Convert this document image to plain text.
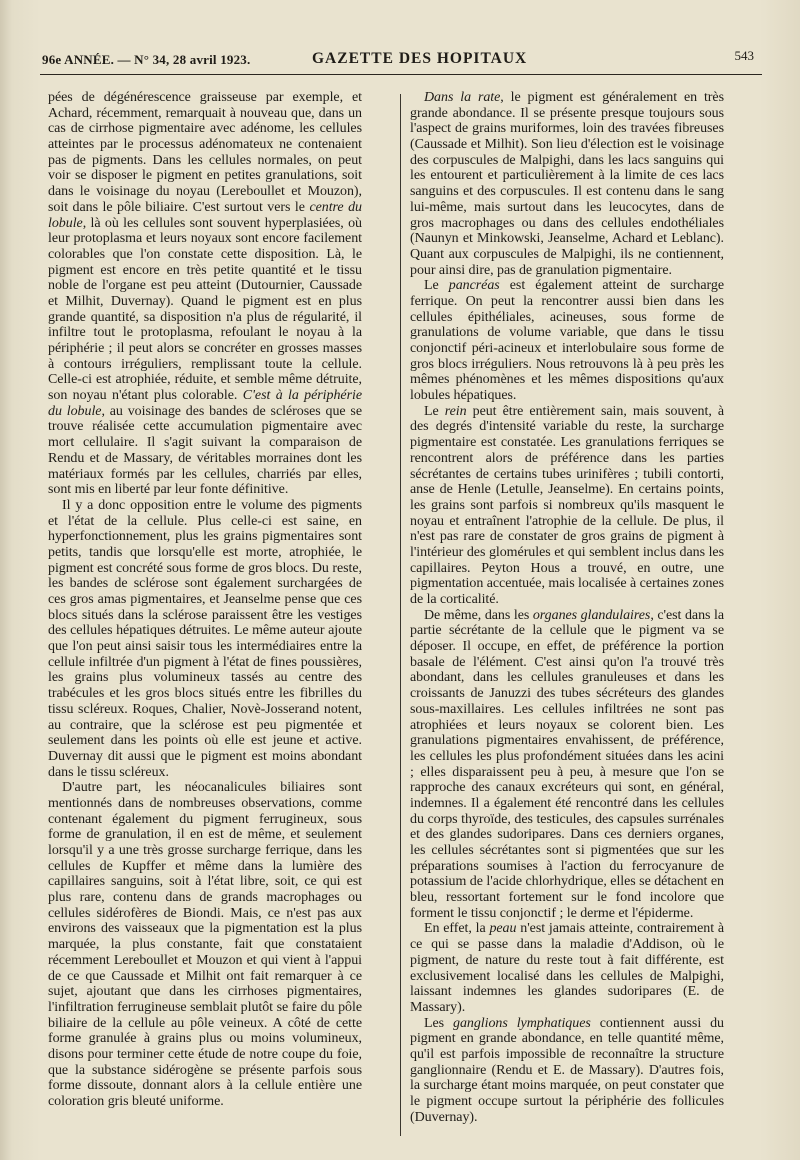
96e ANNÉE. — N° 34, 28 avril 1923.	GAZETTE DES HOPITAUX	543

pées de dégénérescence graisseuse par exemple, et Achard, récemment, remarquait à nouveau que, dans un cas de cirrhose pigmentaire avec adénome, les cellules atteintes par le processus adénomateux ne contenaient pas de pigments. Dans les cellules normales, on peut voir se disposer le pigment en petites granulations, soit dans le voisinage du noyau (Lereboullet et Mouzon), soit dans le pôle biliaire. C'est surtout vers le centre du lobule, là où les cellules sont souvent hyperplasiées, où leur protoplasma et leurs noyaux sont encore facilement colorables que l'on constate cette disposition. Là, le pigment est encore en très petite quantité et le tissu noble de l'organe est peu atteint (Dutournier, Caussade et Milhit, Duvernay). Quand le pigment est en plus grande quantité, sa disposition n'a plus de régularité, il infiltre tout le protoplasma, refoulant le noyau à la périphérie ; il peut alors se concréter en grosses masses à contours irréguliers, remplissant toute la cellule. Celle-ci est atrophiée, réduite, et semble même détruite, son noyau n'étant plus colorable. C'est à la périphérie du lobule, au voisinage des bandes de scléroses que se trouve réalisée cette accumulation pigmentaire avec mort cellulaire. Il s'agit suivant la comparaison de Rendu et de Massary, de véritables morraines dont les matériaux formés par les cellules, charriés par elles, sont mis en liberté par leur fonte définitive.

Il y a donc opposition entre le volume des pigments et l'état de la cellule. Plus celle-ci est saine, en hyperfonctionnement, plus les grains pigmentaires sont petits, tandis que lorsqu'elle est morte, atrophiée, le pigment est concrété sous forme de gros blocs. Du reste, les bandes de sclérose sont également surchargées de ces gros amas pigmentaires, et Jeanselme pense que ces blocs situés dans la sclérose paraissent être les vestiges des cellules hépatiques détruites. Le même auteur ajoute que l'on peut ainsi saisir tous les intermédiaires entre la cellule infiltrée d'un pigment à l'état de fines poussières, les grains plus volumineux tassés au centre des trabécules et les gros blocs situés entre les fibrilles du tissu scléreux. Roques, Chalier, Novè-Josserand notent, au contraire, que la sclérose est peu pigmentée et seulement dans les points où elle est jeune et active. Duvernay dit aussi que le pigment est moins abondant dans le tissu scléreux.

D'autre part, les néocanalicules biliaires sont mentionnés dans de nombreuses observations, comme contenant également du pigment ferrugineux, sous forme de granulation, il en est de même, et seulement lorsqu'il y a une très grosse surcharge ferrique, dans les cellules de Kupffer et même dans la lumière des capillaires sanguins, soit à l'état libre, soit, ce qui est plus rare, contenu dans de grands macrophages ou cellules sidérofères de Biondi. Mais, ce n'est pas aux environs des vaisseaux que la pigmentation est la plus marquée, la plus constante, fait que constataient récemment Lereboullet et Mouzon et qui vient à l'appui de ce que Caussade et Milhit ont fait remarquer à ce sujet, ajoutant que dans les cirrhoses pigmentaires, l'infiltration ferrugineuse semblait plutôt se faire du pôle biliaire de la cellule au pôle veineux. A côté de cette forme granulée à grains plus ou moins volumineux, disons pour terminer cette étude de notre coupe du foie, que la substance sidérogène se présente parfois sous forme dissoute, donnant alors à la cellule entière une coloration gris bleuté uniforme.

Dans la rate, le pigment est généralement en très grande abondance. Il se présente presque toujours sous l'aspect de grains muriformes, loin des travées fibreuses (Caussade et Milhit). Son lieu d'élection est le voisinage des corpuscules de Malpighi, dans les lacs sanguins qui les entourent et particulièrement à la limite de ces lacs sanguins et des corpuscules. Il est contenu dans le sang lui-même, mais surtout dans les leucocytes, dans de gros macrophages ou dans des cellules endothéliales (Naunyn et Minkowski, Jeanselme, Achard et Leblanc). Quant aux corpuscules de Malpighi, ils ne contiennent, pour ainsi dire, pas de granulation pigmentaire.

Le pancréas est également atteint de surcharge ferrique. On peut la rencontrer aussi bien dans les cellules épithéliales, acineuses, sous forme de granulations de volume variable, que dans le tissu conjonctif péri-acineux et interlobulaire sous forme de gros blocs irréguliers. Nous retrouvons là à peu près les mêmes phénomènes et les mêmes dispositions qu'aux lobules hépatiques.

Le rein peut être entièrement sain, mais souvent, à des degrés d'intensité variable du reste, la surcharge pigmentaire est constatée. Les granulations ferriques se rencontrent alors de préférence dans les parties sécrétantes de certains tubes urinifères ; tubili contorti, anse de Henle (Letulle, Jeanselme). En certains points, les grains sont parfois si nombreux qu'ils masquent le noyau et entraînent l'atrophie de la cellule. De plus, il n'est pas rare de constater de gros grains de pigment à l'intérieur des glomérules et qui semblent inclus dans les capillaires. Peyton Hous a trouvé, en outre, une pigmentation accentuée, mais localisée à certaines zones de la corticalité.

De même, dans les organes glandulaires, c'est dans la partie sécrétante de la cellule que le pigment va se déposer. Il occupe, en effet, de préférence la portion basale de l'élément. C'est ainsi qu'on l'a trouvé très abondant, dans les cellules granuleuses et dans les croissants de Januzzi des tubes sécréteurs des glandes sous-maxillaires. Les cellules infiltrées ne sont pas atrophiées et leurs noyaux se colorent bien. Les granulations pigmentaires envahissent, de préférence, les cellules les plus profondément situées dans les acini ; elles disparaissent peu à peu, à mesure que l'on se rapproche des canaux excréteurs qui sont, en général, indemnes. Il a également été rencontré dans les cellules du corps thyroïde, des testicules, des capsules surrénales et des glandes sudoripares. Dans ces derniers organes, les cellules sécrétantes sont si pigmentées que sur les préparations soumises à l'action du ferrocyanure de potassium de l'acide chlorhydrique, elles se détachent en bleu, ressortant fortement sur le fond incolore que forment le tissu conjonctif ; le derme et l'épiderme.

En effet, la peau n'est jamais atteinte, contrairement à ce qui se passe dans la maladie d'Addison, où le pigment, de nature du reste tout à fait différente, est exclusivement localisé dans les cellules de Malpighi, laissant indemnes les glandes sudoripares (E. de Massary).

Les ganglions lymphatiques contiennent aussi du pigment en grande abondance, en telle quantité même, qu'il est parfois impossible de reconnaître la structure ganglionnaire (Rendu et E. de Massary). D'autres fois, la surcharge étant moins marquée, on peut constater que le pigment occupe surtout la périphérie des follicules (Duvernay).
